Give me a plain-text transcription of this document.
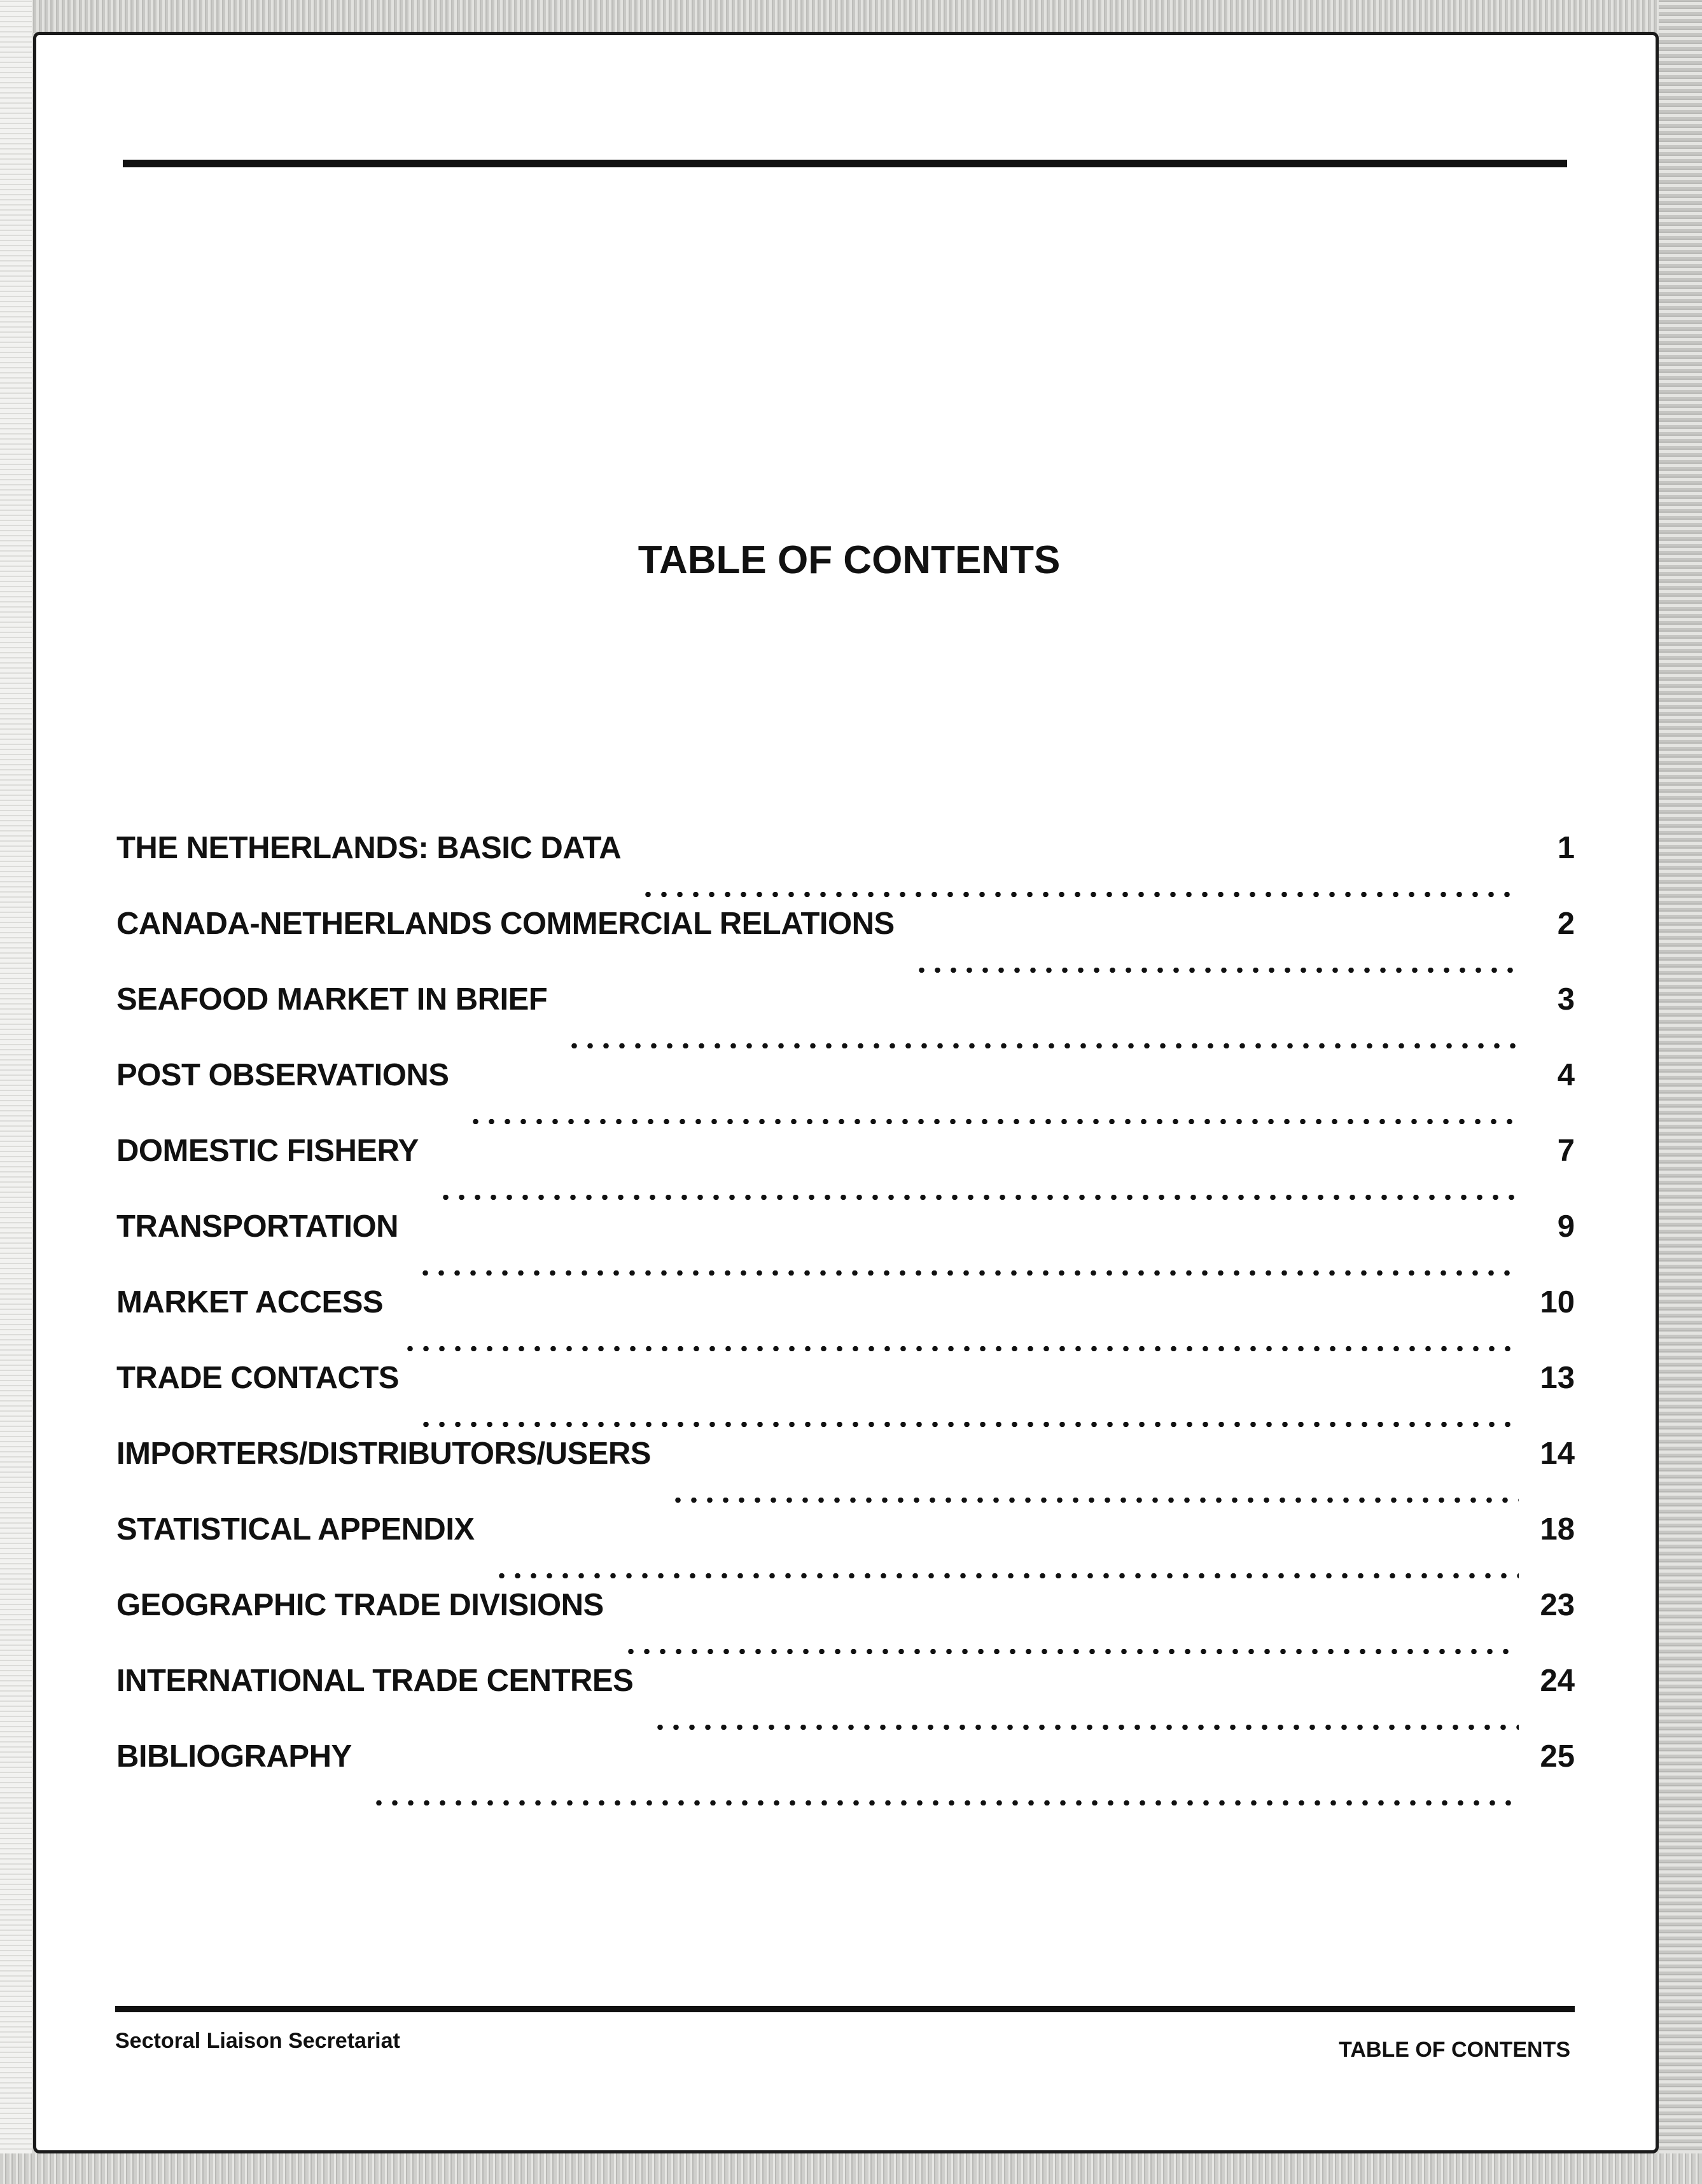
TABLE OF CONTENTS
THE NETHERLANDS: BASIC DATA	1
CANADA-NETHERLANDS COMMERCIAL RELATIONS	2
SEAFOOD MARKET IN BRIEF	3
POST OBSERVATIONS	4
DOMESTIC FISHERY	7
TRANSPORTATION	9
MARKET ACCESS	10
TRADE CONTACTS	13
IMPORTERS/DISTRIBUTORS/USERS	14
STATISTICAL APPENDIX	18
GEOGRAPHIC TRADE DIVISIONS	23
INTERNATIONAL TRADE CENTRES	24
BIBLIOGRAPHY	25
Sectoral Liaison Secretariat	TABLE OF CONTENTS
